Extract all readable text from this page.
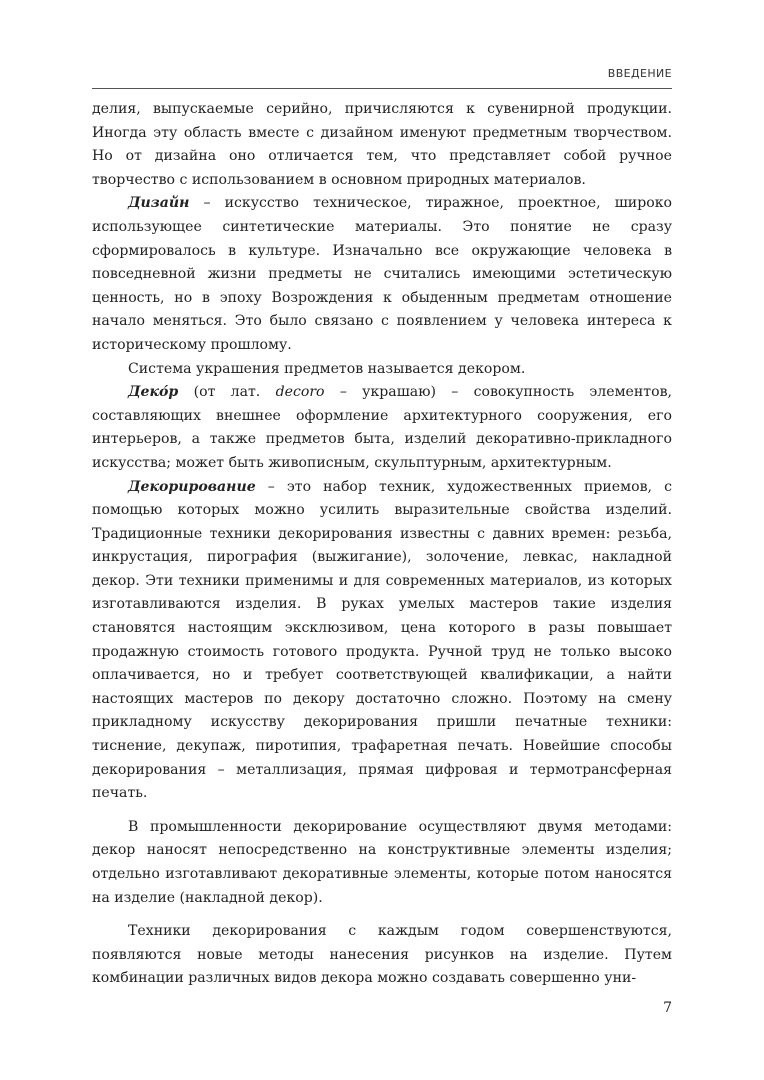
ВВЕДЕНИЕ

делия, выпускаемые серийно, причисляются к сувенирной продукции. Иногда эту область вместе с дизайном именуют предметным творчеством. Но от дизайна оно отличается тем, что представляет собой ручное творчество с использованием в основном природных материалов.

Дизайн – искусство техническое, тиражное, проектное, широко использующее синтетические материалы. Это понятие не сразу сформировалось в культуре. Изначально все окружающие человека в повседневной жизни предметы не считались имеющими эстетическую ценность, но в эпоху Возрождения к обыденным предметам отношение начало меняться. Это было связано с появлением у человека интереса к историческому прошлому.

Система украшения предметов называется декором.

Деко́р (от лат. decoro – украшаю) – совокупность элементов, составляющих внешнее оформление архитектурного сооружения, его интерьеров, а также предметов быта, изделий декоративно-прикладного искусства; может быть живописным, скульптурным, архитектурным.

Декорирование – это набор техник, художественных приемов, с помощью которых можно усилить выразительные свойства изделий. Традиционные техники декорирования известны с давних времен: резьба, инкрустация, пирография (выжигание), золочение, левкас, накладной декор. Эти техники применимы и для современных материалов, из которых изготавливаются изделия. В руках умелых мастеров такие изделия становятся настоящим эксклюзивом, цена которого в разы повышает продажную стоимость готового продукта. Ручной труд не только высоко оплачивается, но и требует соответствующей квалификации, а найти настоящих мастеров по декору достаточно сложно. Поэтому на смену прикладному искусству декорирования пришли печатные техники: тиснение, декупаж, пиротипия, трафаретная печать. Новейшие способы декорирования – металлизация, прямая цифровая и термотрансферная печать.

В промышленности декорирование осуществляют двумя методами: декор наносят непосредственно на конструктивные элементы изделия; отдельно изготавливают декоративные элементы, которые потом наносятся на изделие (накладной декор).

Техники декорирования с каждым годом совершенствуются, появляются новые методы нанесения рисунков на изделие. Путем комбинации различных видов декора можно создавать совершенно уни-

7
